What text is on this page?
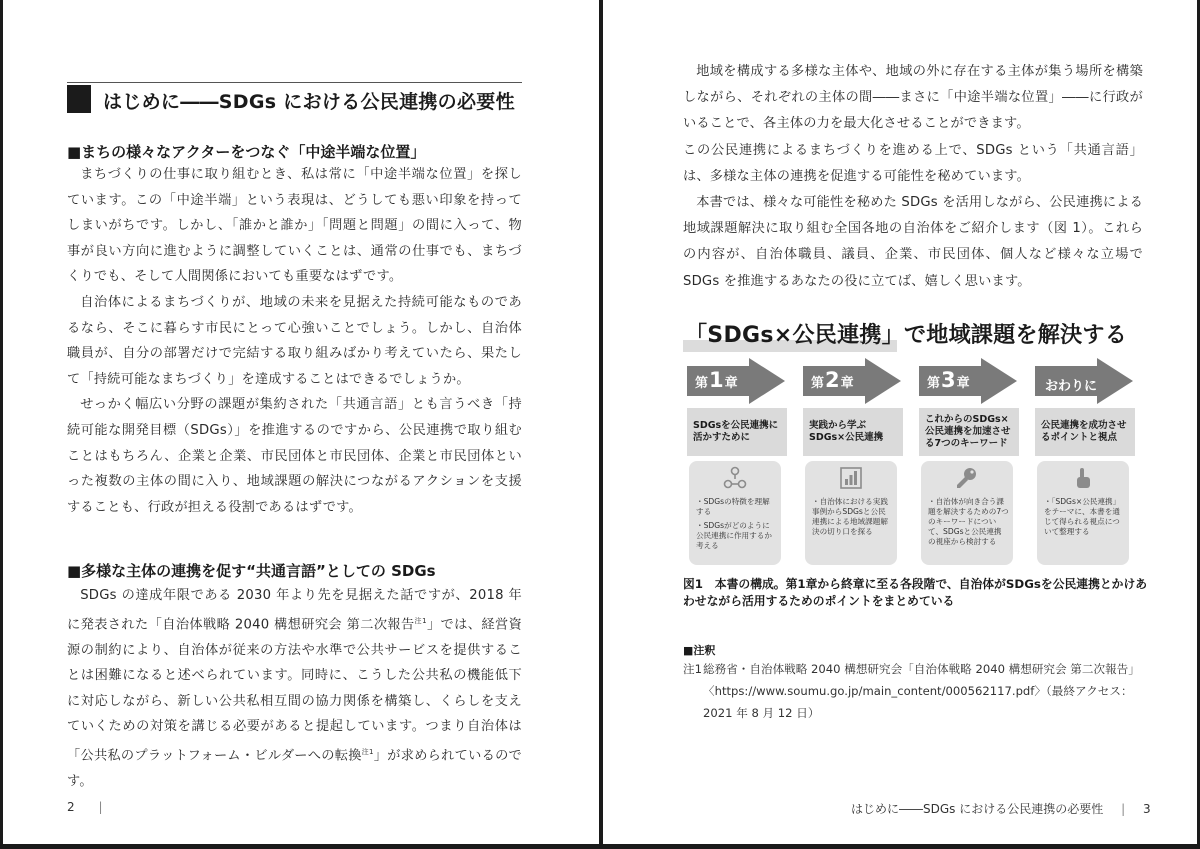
はじめに――SDGs における公民連携の必要性
■まちの様々なアクターをつなぐ「中途半端な位置」

まちづくりの仕事に取り組むとき、私は常に「中途半端な位置」を探しています。この「中途半端」という表現は、どうしても悪い印象を持ってしまいがちです。しかし、「誰かと誰か」「問題と問題」の間に入って、物事が良い方向に進むように調整していくことは、通常の仕事でも、まちづくりでも、そして人間関係においても重要なはずです。

自治体によるまちづくりが、地域の未来を見据えた持続可能なものであるなら、そこに暮らす市民にとって心強いことでしょう。しかし、自治体職員が、自分の部署だけで完結する取り組みばかり考えていたら、果たして「持続可能なまちづくり」を達成することはできるでしょうか。

せっかく幅広い分野の課題が集約された「共通言語」とも言うべき「持続可能な開発目標（SDGs）」を推進するのですから、公民連携で取り組むことはもちろん、企業と企業、市民団体と市民団体、企業と市民団体といった複数の主体の間に入り、地域課題の解決につながるアクションを支援することも、行政が担える役割であるはずです。

■多様な主体の連携を促す“共通言語”としての SDGs

SDGs の達成年限である 2030 年より先を見据えた話ですが、2018 年に発表された「自治体戦略 2040 構想研究会 第二次報告$^{注1}$」では、経営資源の制約により、自治体が従来の方法や水準で公共サービスを提供することは困難になると述べられています。同時に、こうした公共私の機能低下に対応しながら、新しい公共私相互間の協力関係を構築し、くらしを支えていくための対策を講じる必要があると提起しています。つまり自治体は「公共私のプラットフォーム・ビルダーへの転換$^{注1}$」が求められているのです。

2 |

地域を構成する多様な主体や、地域の外に存在する主体が集う場所を構築しながら、それぞれの主体の間――まさに「中途半端な位置」――に行政がいることで、各主体の力を最大化させることができます。

この公民連携によるまちづくりを進める上で、SDGs という「共通言語」は、多様な主体の連携を促進する可能性を秘めています。

本書では、様々な可能性を秘めた SDGs を活用しながら、公民連携による地域課題解決に取り組む全国各地の自治体をご紹介します（図 1）。これらの内容が、自治体職員、議員、企業、市民団体、個人など様々な立場で SDGs を推進するあなたの役に立てば、嬉しく思います。

「SDGs×公民連携」で地域課題を解決する
第1章
SDGsを公民連携に活かすために
・SDGsの特徴を理解する
・SDGsがどのように公民連携に作用するか考える
第2章
実践から学ぶSDGs×公民連携
・自治体における実践事例からSDGsと公民連携による地域課題解決の切り口を探る
第3章
これからのSDGs×公民連携を加速させる7つのキーワード
・自治体が向き合う課題を解決するための7つのキーワードについて、SDGsと公民連携の視座から検討する
おわりに
公民連携を成功させるポイントと視点
・「SDGs×公民連携」をテーマに、本書を通じて得られる視点について整理する
図1　本書の構成。第1章から終章に至る各段階で、自治体がSDGsを公民連携とかけあわせながら活用するためのポイントをまとめている
■注釈
注1 総務省・自治体戦略 2040 構想研究会「自治体戦略 2040 構想研究会 第二次報告」〈https://www.soumu.go.jp/main_content/000562117.pdf〉（最終アクセス：2021 年 8 月 12 日）
はじめに――SDGs における公民連携の必要性 | 3
